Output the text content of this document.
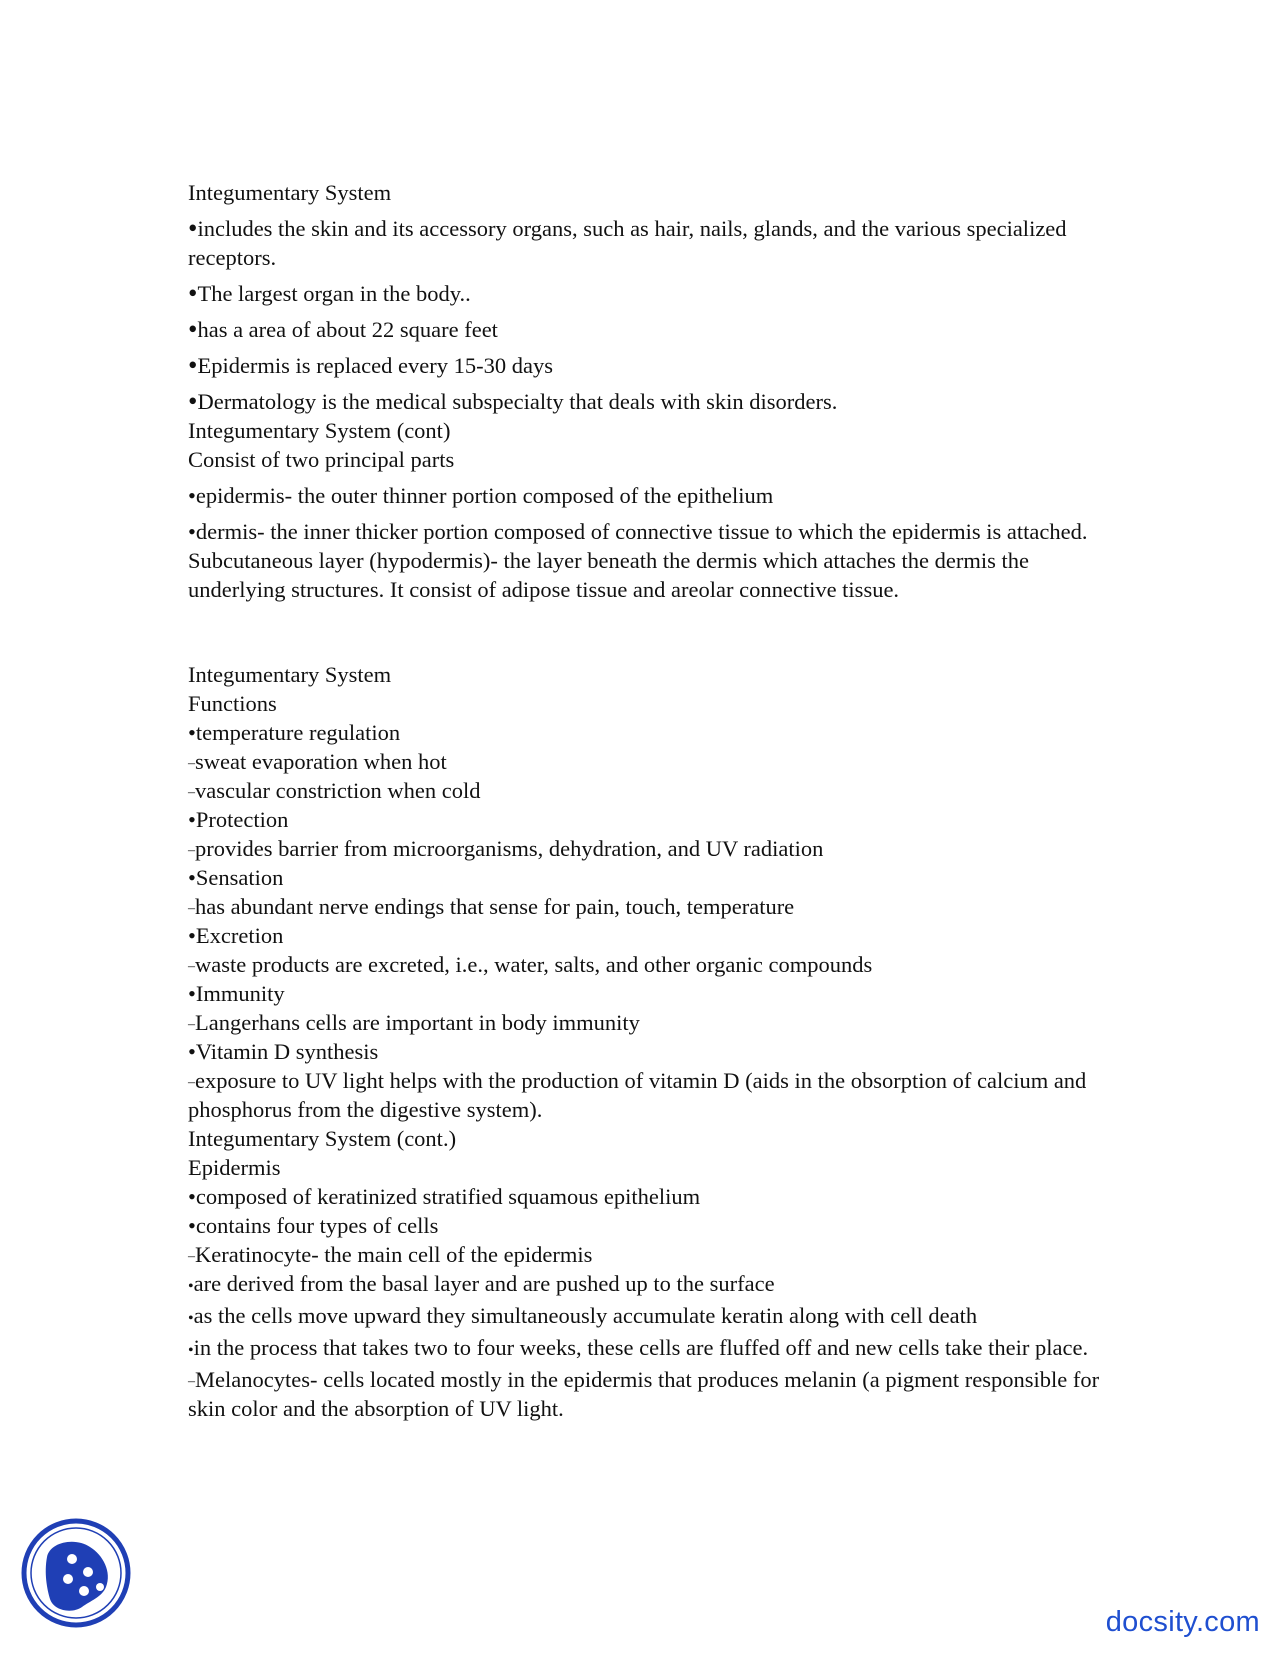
Integumentary System
•includes the skin and its accessory organs, such as hair, nails, glands, and the various specialized receptors.
•The largest organ in the body..
•has a area of about 22 square feet
•Epidermis is replaced every 15-30 days
•Dermatology is the medical subspecialty that deals with skin disorders.
Integumentary System (cont)
Consist of two principal parts
•epidermis- the outer thinner portion composed of the epithelium
•dermis- the inner thicker portion composed of connective tissue to which the epidermis is attached.
Subcutaneous layer (hypodermis)- the layer beneath the dermis which attaches the dermis the underlying structures. It consist of adipose tissue and areolar connective tissue.
Integumentary System
Functions
•temperature regulation
–sweat evaporation when hot
–vascular constriction when cold
•Protection
–provides barrier from microorganisms, dehydration, and UV radiation
•Sensation
–has abundant nerve endings that sense for pain, touch, temperature
•Excretion
–waste products are excreted, i.e., water, salts, and other organic compounds
•Immunity
–Langerhans cells are important in body immunity
•Vitamin D synthesis
–exposure to UV light helps with the production of vitamin D (aids in the obsorption of calcium and phosphorus from the digestive system).
Integumentary System (cont.)
Epidermis
•composed of keratinized stratified squamous epithelium
•contains four types of cells
–Keratinocyte- the main cell of the epidermis
•are derived from the basal layer and are pushed up to the surface
•as the cells move upward they simultaneously accumulate keratin along with cell death
•in the process that takes two to four weeks, these cells are fluffed off and new cells take their place.
–Melanocytes- cells located mostly in the epidermis that produces melanin (a pigment responsible for skin color and the absorption of UV light.
docsity.com
